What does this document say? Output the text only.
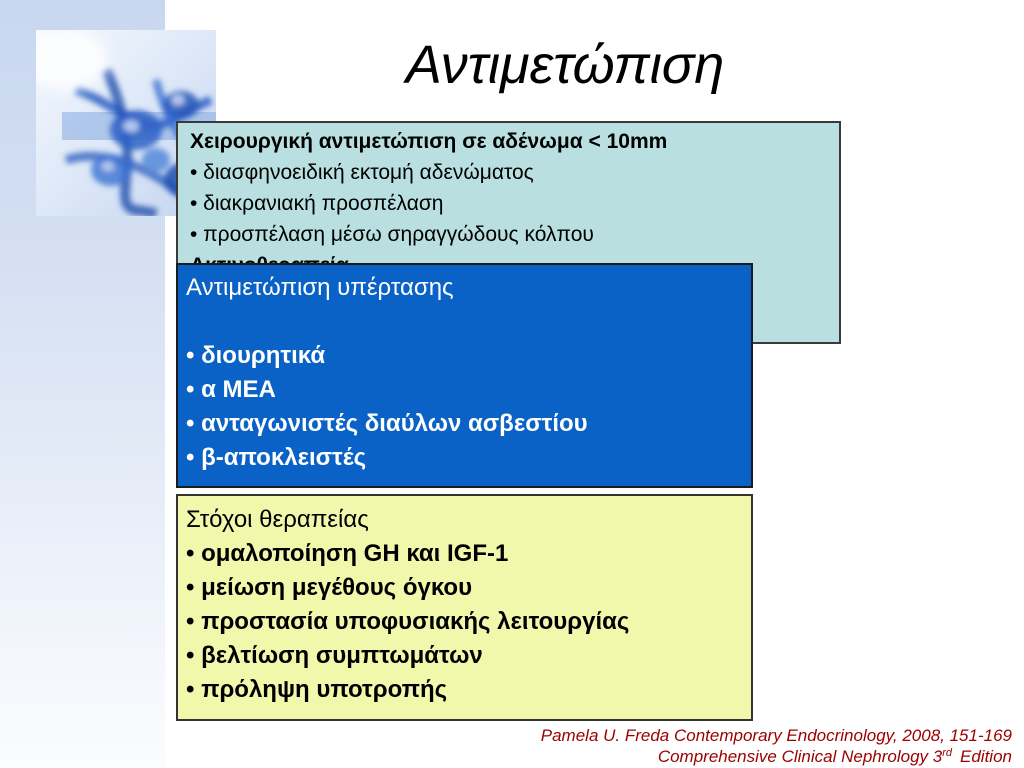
Αντιμετώπιση
Χειρουργική αντιμετώπιση σε αδένωμα < 10mm
• διασφηνοειδική εκτομή αδενώματος
• διακρανιακή προσπέλαση
• προσπέλαση μέσω σηραγγώδους κόλπου
Αντιμετώπιση υπέρτασης
• διουρητικά
• α ΜΕΑ
• ανταγωνιστές διαύλων ασβεστίου
• β-αποκλειστές
Στόχοι θεραπείας
• ομαλοποίηση GH και IGF-1
• μείωση μεγέθους όγκου
• προστασία υποφυσιακής λειτουργίας
• βελτίωση συμπτωμάτων
• πρόληψη υποτροπής
Pamela U. Freda Contemporary Endocrinology, 2008, 151-169
Comprehensive Clinical Nephrology 3rd Edition
